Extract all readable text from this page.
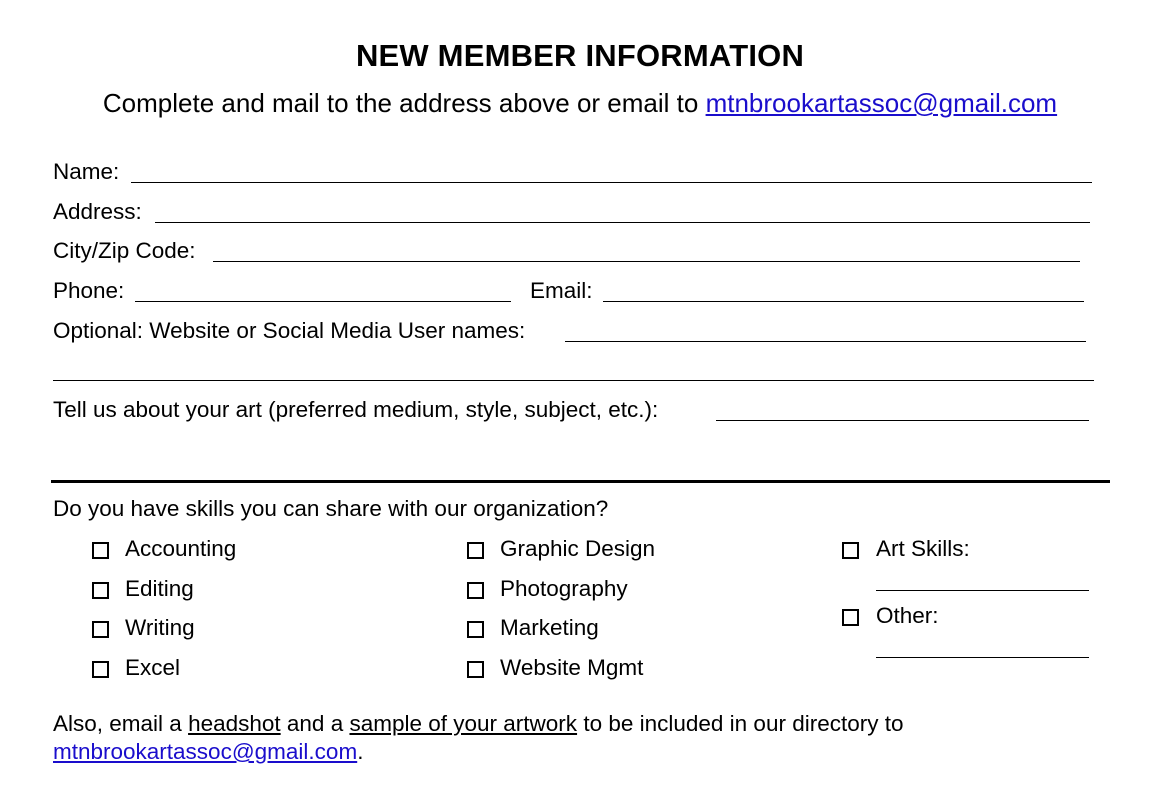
NEW MEMBER INFORMATION
Complete and mail to the address above or email to mtnbrookartassoc@gmail.com
Name:
Address:
City/Zip Code:
Phone:	Email:
Optional: Website or Social Media User names:
Tell us about your art (preferred medium, style, subject, etc.):
Do you have skills you can share with our organization?
Accounting
Editing
Writing
Excel
Graphic Design
Photography
Marketing
Website Mgmt
Art Skills:
Other:
Also, email a headshot and a sample of your artwork to be included in our directory to
mtnbrookartassoc@gmail.com.
